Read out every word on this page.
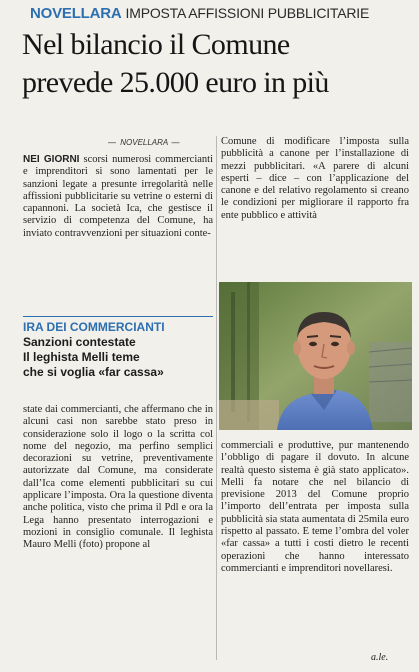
NOVELLARA IMPOSTA AFFISSIONI PUBBLICITARIE
Nel bilancio il Comune
prevede 25.000 euro in più
— NOVELLARA —
NEI GIORNI scorsi numerosi commercianti e imprenditori si sono lamentati per le sanzioni legate a presunte irregolarità nelle affissioni pubblicitarie su vetrine o esterni di capannoni. La società Ica, che gestisce il servizio di competenza del Comune, ha inviato contravvenzioni per situazioni conte-
IRA DEI COMMERCIANTI
Sanzioni contestate
Il leghista Melli teme
che si voglia «far cassa»
state dai commercianti, che affermano che in alcuni casi non sarebbe stato preso in considerazione solo il logo o la scritta col nome del negozio, ma perfino semplici decorazioni su vetrine, preventivamente autorizzate dal Comune, ma considerate dall’Ica come elementi pubblicitari su cui applicare l’imposta. Ora la questione diventa anche politica, visto che prima il Pdl e ora la Lega hanno presentato interrogazioni e mozioni in consiglio comunale. Il leghista Mauro Melli (foto) propone al
Comune di modificare l’imposta sulla pubblicità a canone per l’installazione di mezzi pubblicitari. «A parere di alcuni esperti – dice – con l’applicazione del canone e del relativo regolamento si creano le condizioni per migliorare il rapporto fra ente pubblico e attività
commerciali e produttive, pur mantenendo l’obbligo di pagare il dovuto. In alcune realtà questo sistema è già stato applicato». Melli fa notare che nel bilancio di previsione 2013 del Comune proprio l’importo dell’entrata per imposta sulla pubblicità sia stata aumentata di 25mila euro rispetto al passato. E teme l’ombra del voler «far cassa» a tutti i costi dietro le recenti operazioni che hanno interessato commercianti e imprenditori novellaresi.
a.le.
